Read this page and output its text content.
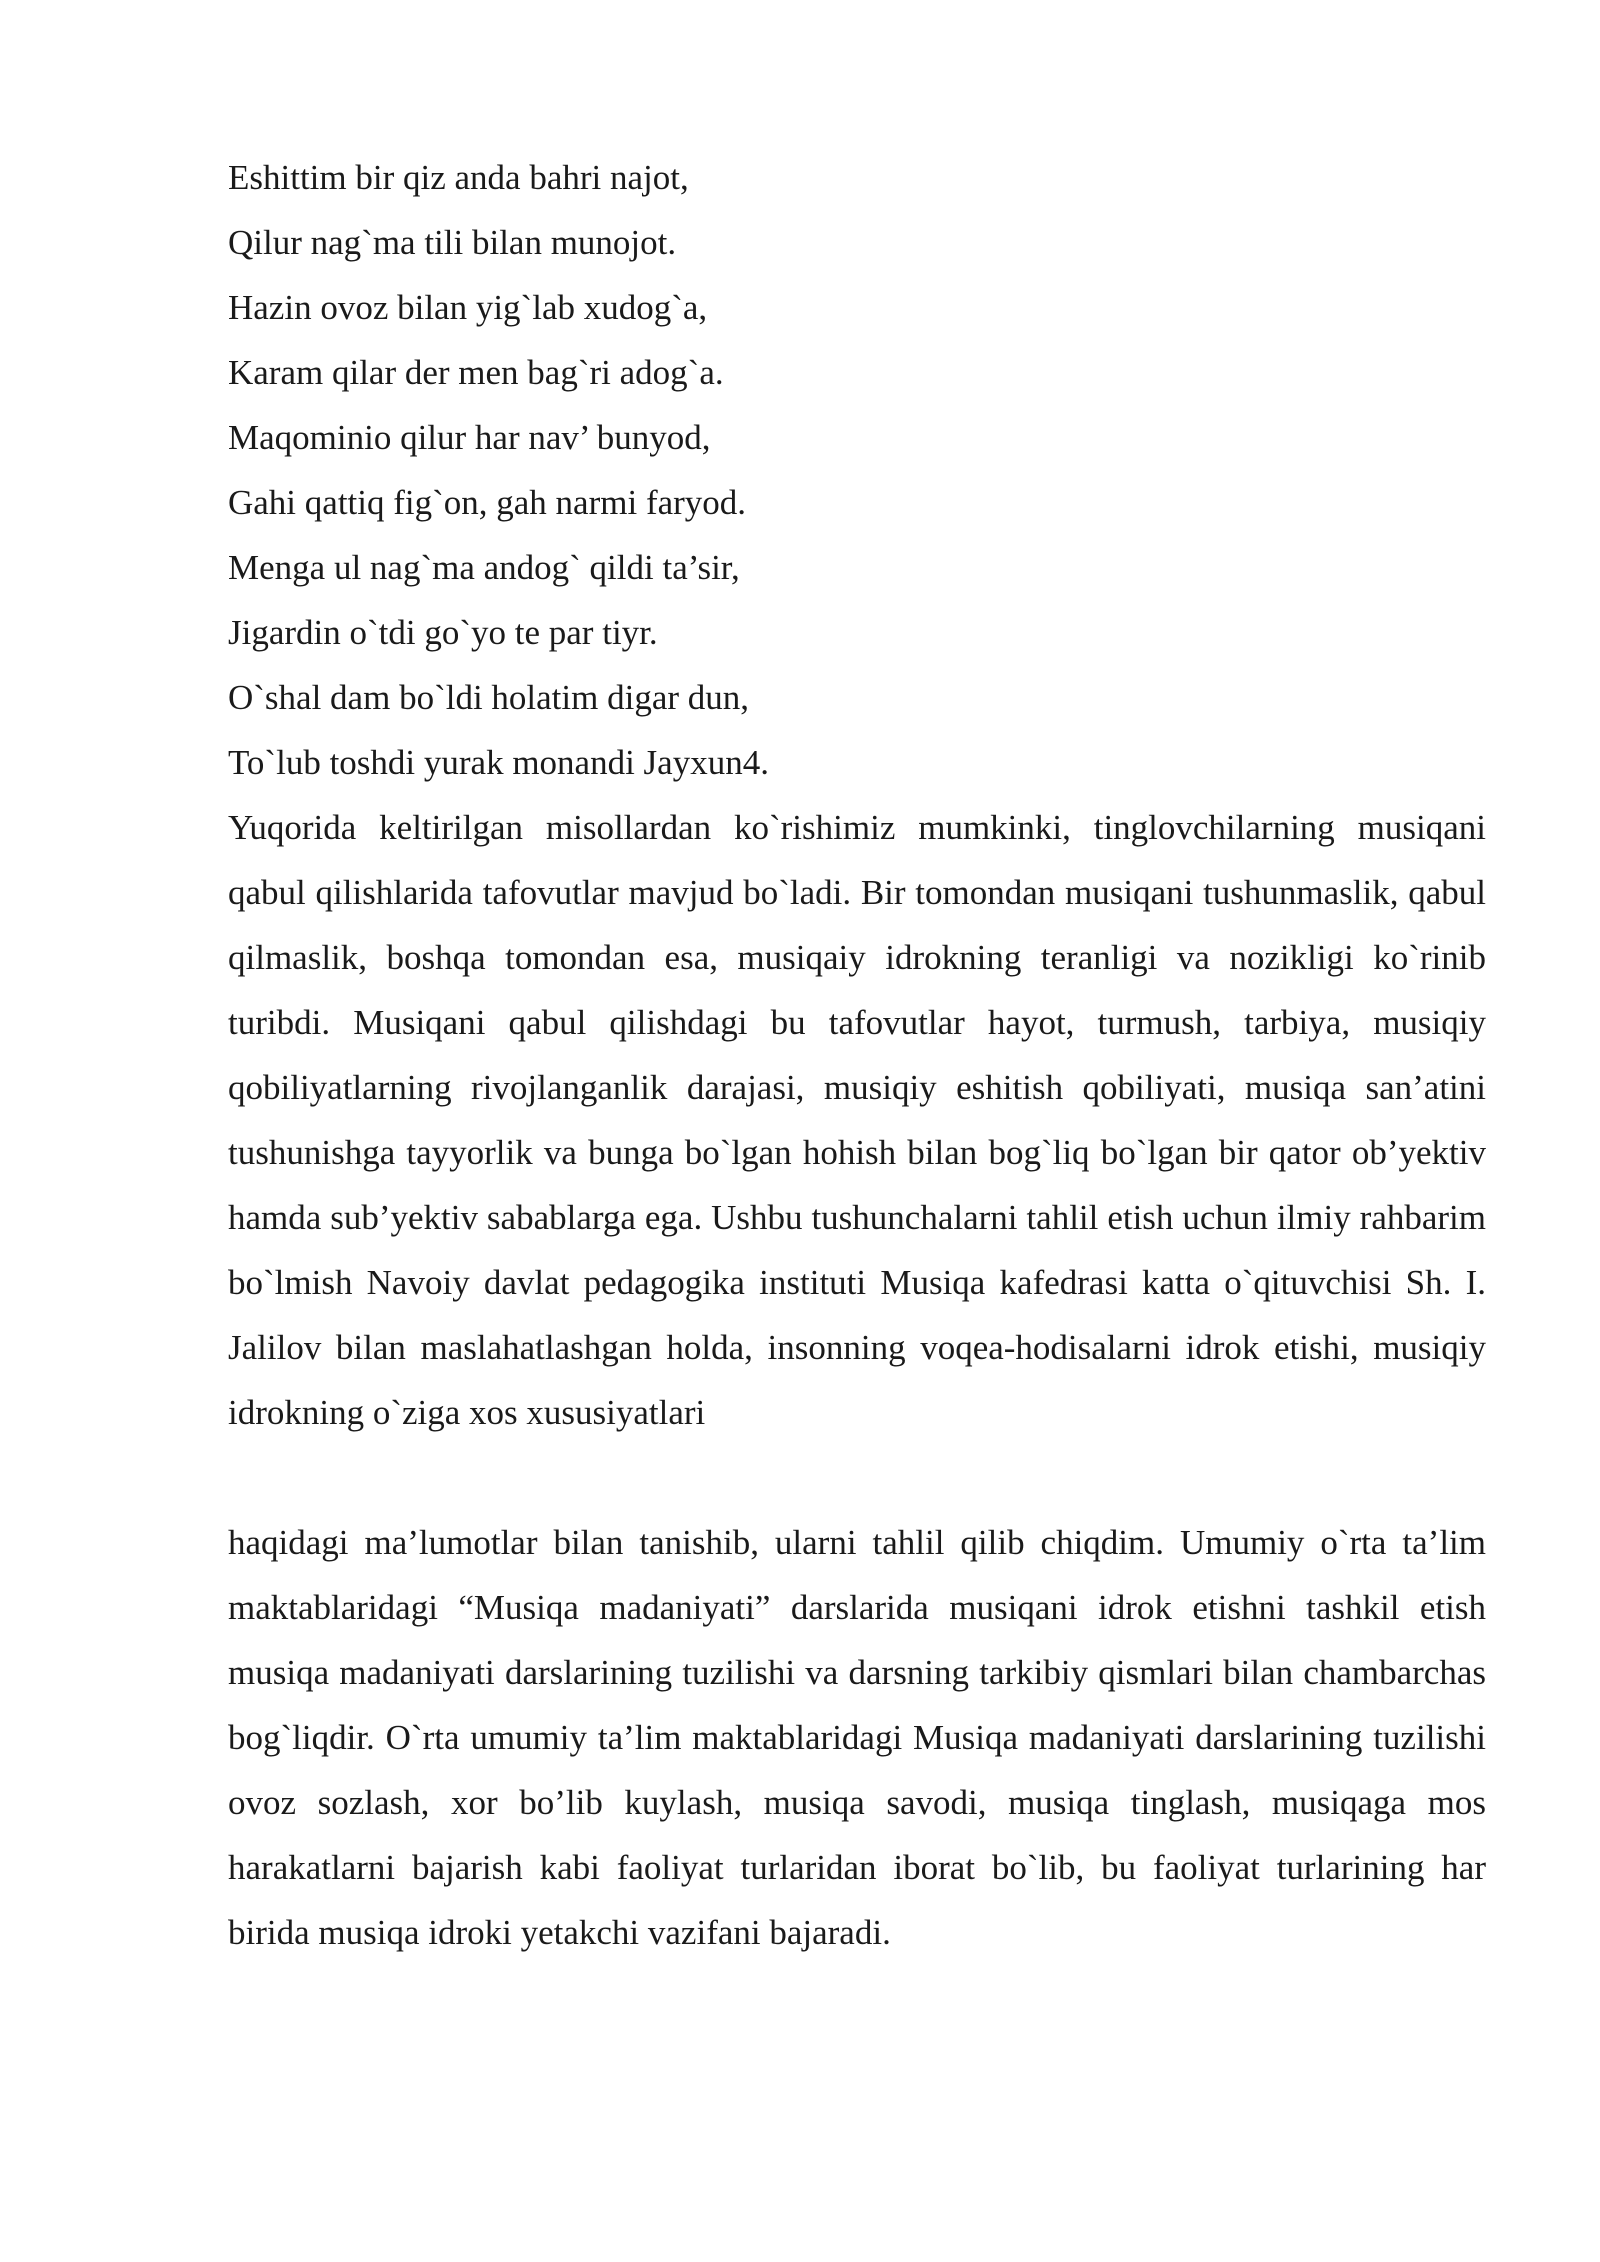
Eshittim bir qiz anda bahri najot,
Qilur nag`ma tili bilan munojot.
Hazin ovoz bilan yig`lab xudog`a,
Karam qilar der men bag`ri adog`a.
Maqominio qilur har nav’ bunyod,
Gahi qattiq fig`on, gah narmi faryod.
Menga ul nag`ma andog` qildi ta’sir,
Jigardin o`tdi go`yo te par tiyr.
O`shal dam bo`ldi holatim digar dun,
To`lub toshdi yurak monandi Jayxun4.

Yuqorida keltirilgan misollardan ko`rishimiz mumkinki, tinglovchilarning musiqani qabul qilishlarida tafovutlar mavjud bo`ladi. Bir tomondan musiqani tushunmaslik, qabul qilmaslik, boshqa tomondan esa, musiqaiy idrokning teranligi va nozikligi ko`rinib turibdi. Musiqani qabul qilishdagi bu tafovutlar hayot, turmush, tarbiya, musiqiy qobiliyatlarning rivojlanganlik darajasi, musiqiy eshitish qobiliyati, musiqa san’atini tushunishga tayyorlik va bunga bo`lgan hohish bilan bog`liq bo`lgan bir qator ob’yektiv hamda sub’yektiv sabablarga ega. Ushbu tushunchalarni tahlil etish uchun ilmiy rahbarim bo`lmish Navoiy davlat pedagogika instituti Musiqa kafedrasi katta o`qituvchisi Sh. I. Jalilov bilan maslahatlashgan holda, insonning voqea-hodisalarni idrok etishi, musiqiy idrokning o`ziga xos xususiyatlari

haqidagi ma’lumotlar bilan tanishib, ularni tahlil qilib chiqdim. Umumiy o`rta ta’lim maktablaridagi “Musiqa madaniyati” darslarida musiqani idrok etishni tashkil etish musiqa madaniyati darslarining tuzilishi va darsning tarkibiy qismlari bilan chambarchas bog`liqdir. O`rta umumiy ta’lim maktablaridagi Musiqa madaniyati darslarining tuzilishi ovoz sozlash, xor bo’lib kuylash, musiqa savodi, musiqa tinglash, musiqaga mos harakatlarni bajarish kabi faoliyat turlaridan iborat bo`lib, bu faoliyat turlarining har birida musiqa idroki yetakchi vazifani bajaradi.
